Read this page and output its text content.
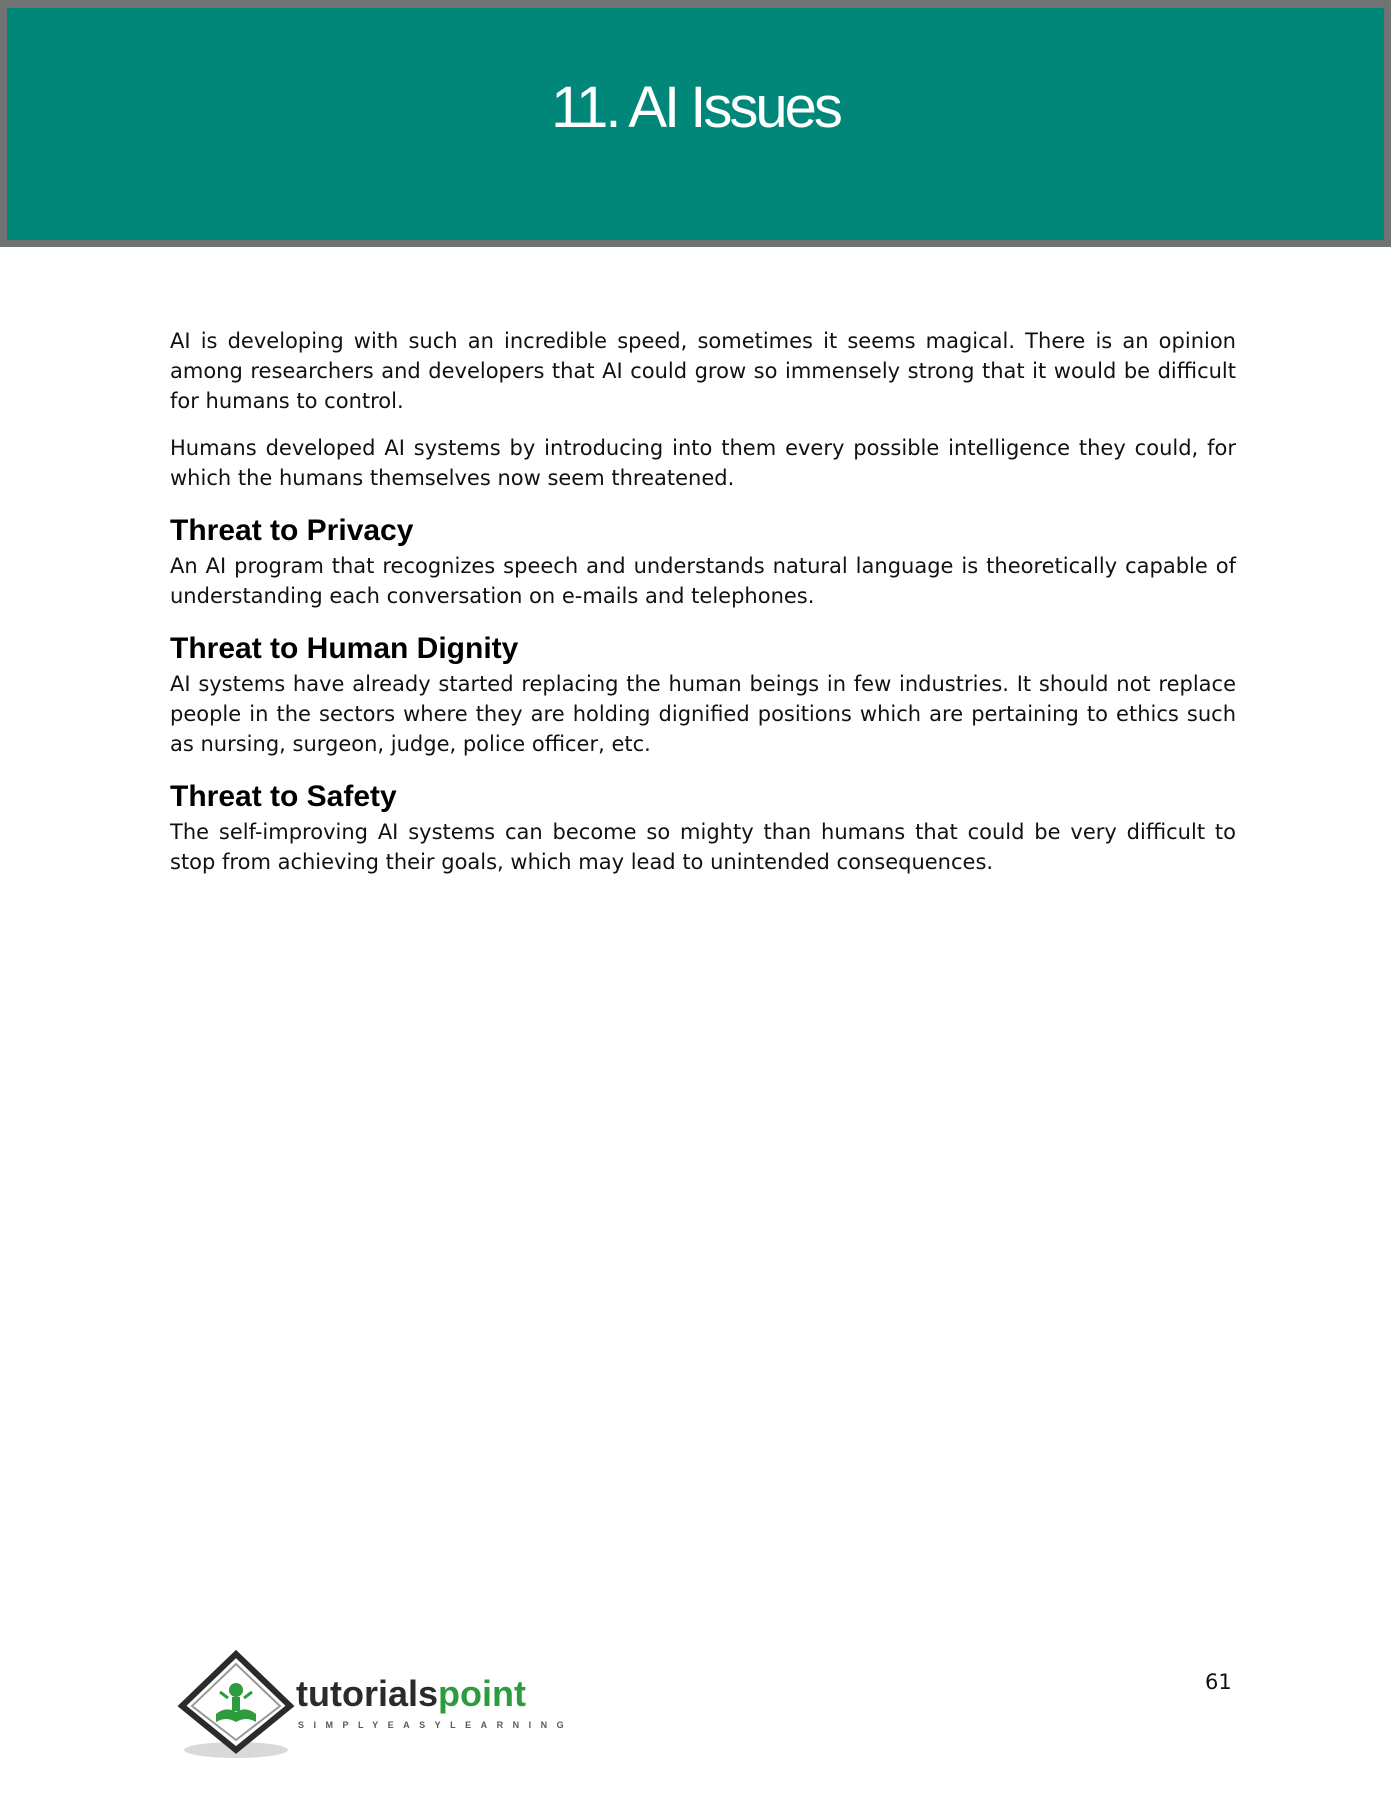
11. AI Issues

AI is developing with such an incredible speed, sometimes it seems magical. There is an opinion among researchers and developers that AI could grow so immensely strong that it would be difficult for humans to control.

Humans developed AI systems by introducing into them every possible intelligence they could, for which the humans themselves now seem threatened.

Threat to Privacy

An AI program that recognizes speech and understands natural language is theoretically capable of understanding each conversation on e-mails and telephones.

Threat to Human Dignity

AI systems have already started replacing the human beings in few industries. It should not replace people in the sectors where they are holding dignified positions which are pertaining to ethics such as nursing, surgeon, judge, police officer, etc.

Threat to Safety

The self-improving AI systems can become so mighty than humans that could be very difficult to stop from achieving their goals, which may lead to unintended consequences.

tutorialspoint
SIMPLYEASYLEARNING
61
